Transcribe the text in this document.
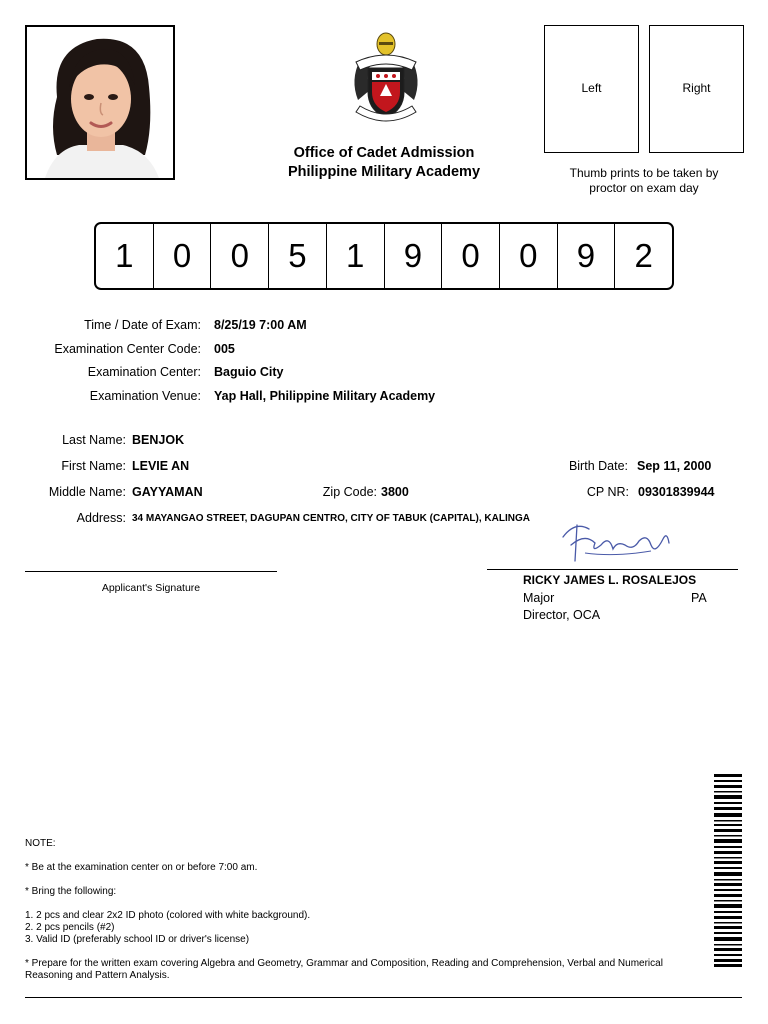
Office of Cadet Admission
Philippine Military Academy
Left	Right
Thumb prints to be taken by
proctor on exam day
1	0	0	5	1	9	0	0	9	2
Time / Date of Exam: 8/25/19 7:00 AM
Examination Center Code: 005
Examination Center: Baguio City
Examination Venue: Yap Hall, Philippine Military Academy
Last Name: BENJOK
First Name: LEVIE AN	Birth Date: Sep 11, 2000
Middle Name: GAYYAMAN	Zip Code: 3800	CP NR: 09301839944
Address: 34 MAYANGAO STREET, DAGUPAN CENTRO, CITY OF TABUK (CAPITAL), KALINGA
Applicant's Signature
RICKY JAMES L. ROSALEJOS
Major	PA
Director, OCA

NOTE:

* Be at the examination center on or before 7:00 am.

* Bring the following:

1. 2 pcs and clear 2x2 ID photo (colored with white background).

2. 2 pcs pencils (#2)

3. Valid ID (preferably school ID or driver's license)

* Prepare for the written exam covering Algebra and Geometry, Grammar and Composition, Reading and Comprehension, Verbal and Numerical Reasoning and Pattern Analysis.
